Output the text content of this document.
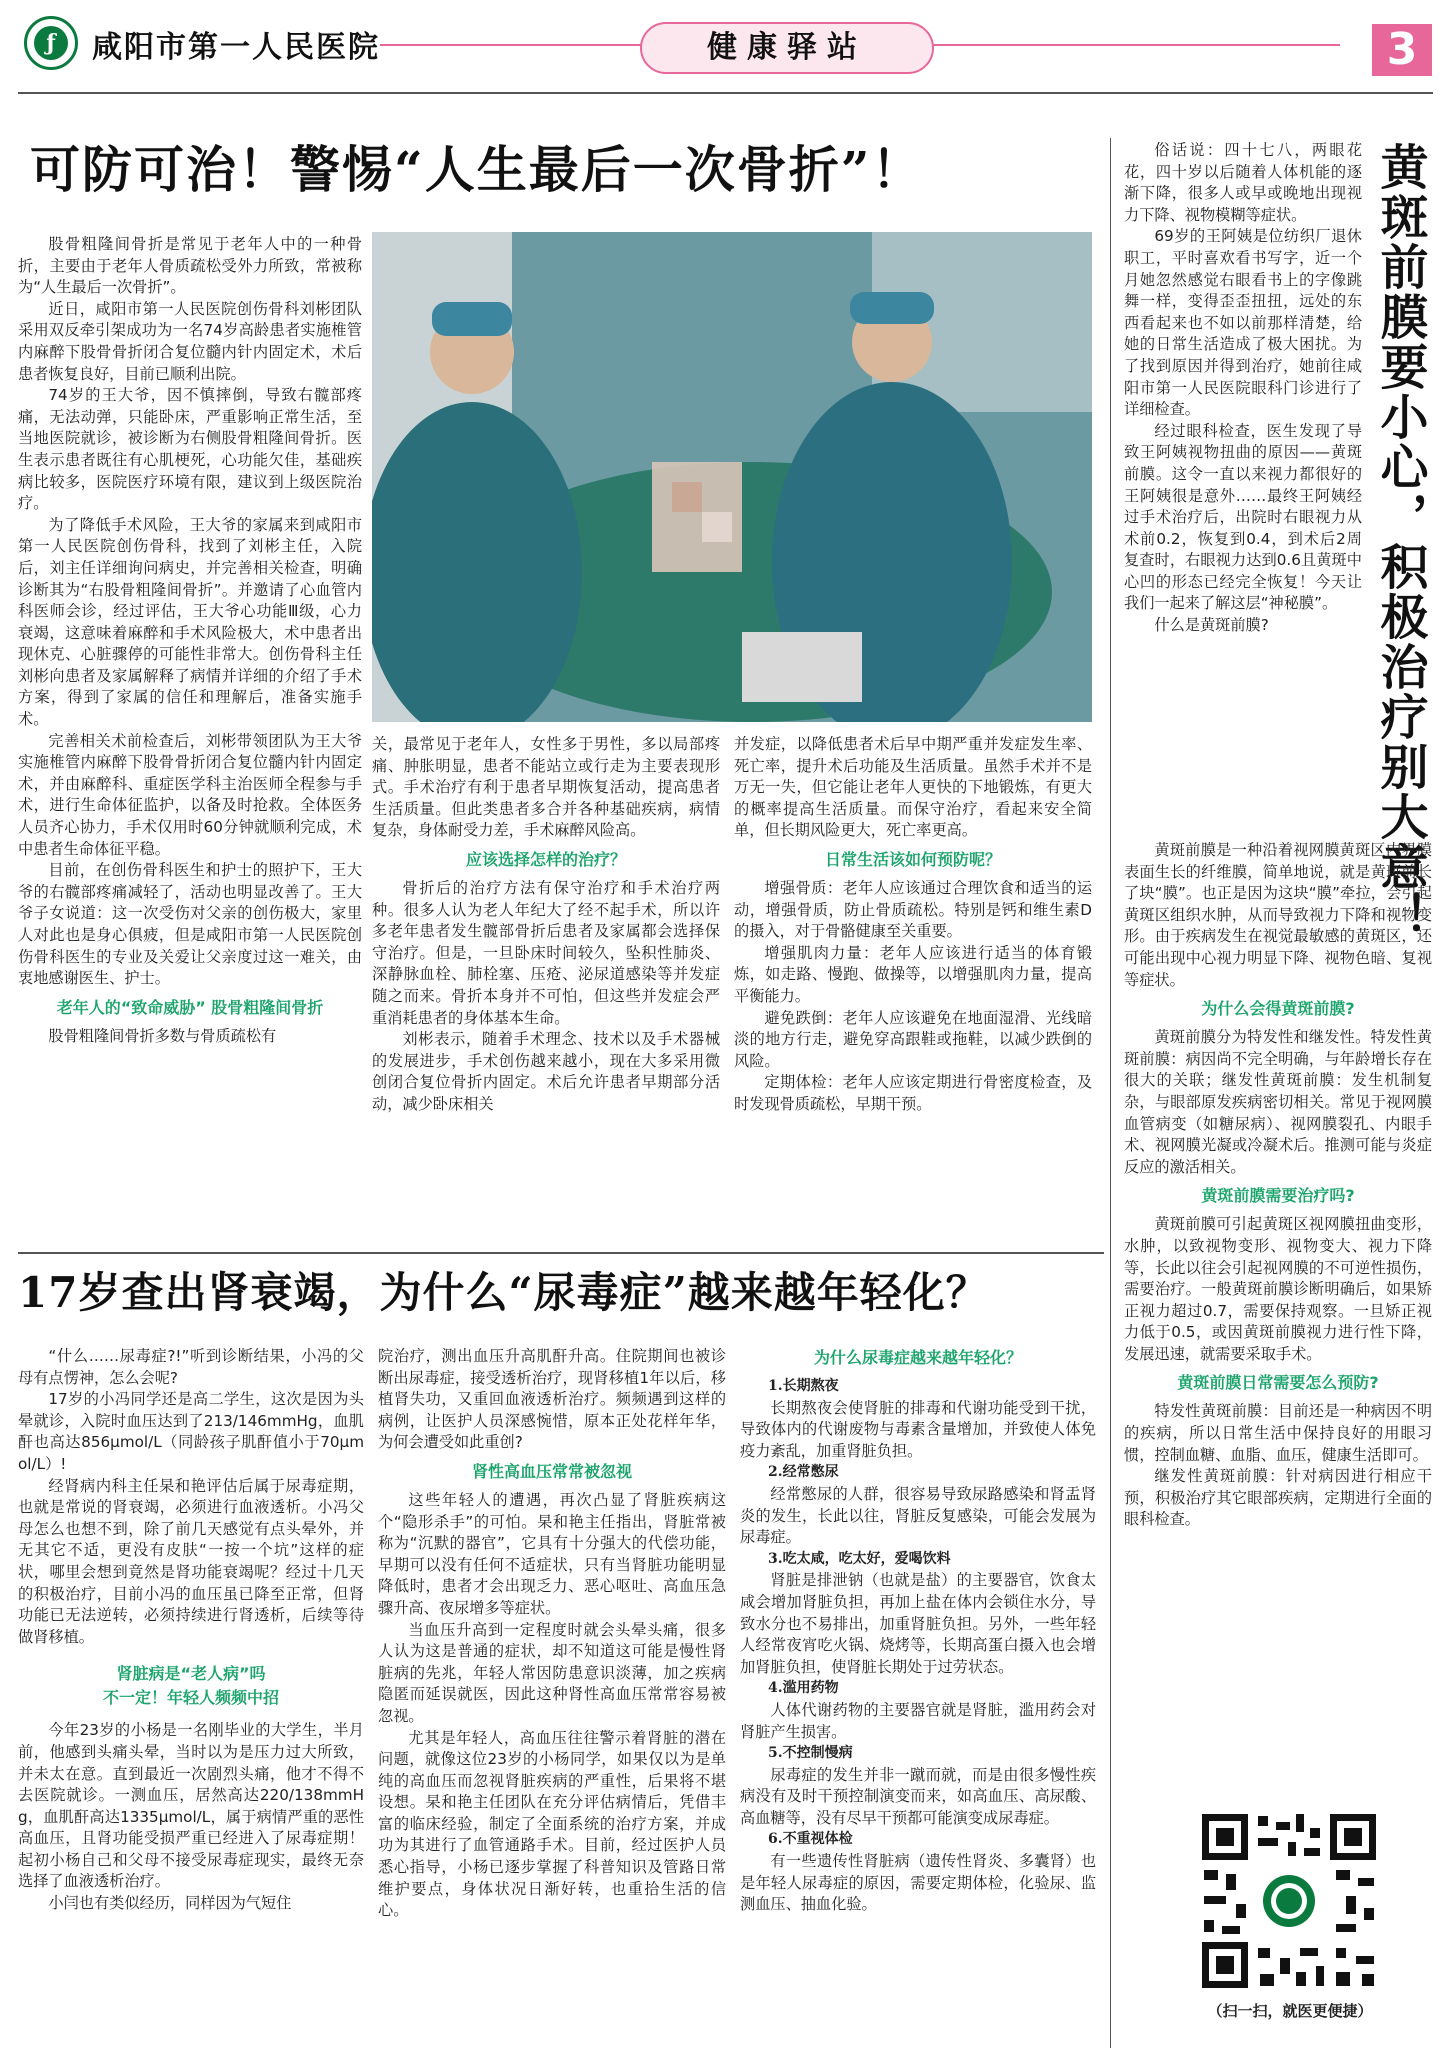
ƒ	咸阳市第一人民医院	健康驿站	3
可防可治！警惕“人生最后一次骨折”！

股骨粗隆间骨折是常见于老年人中的一种骨折，主要由于老年人骨质疏松受外力所致，常被称为“人生最后一次骨折”。

近日，咸阳市第一人民医院创伤骨科刘彬团队采用双反牵引架成功为一名74岁高龄患者实施椎管内麻醉下股骨骨折闭合复位髓内针内固定术，术后患者恢复良好，目前已顺利出院。

74岁的王大爷，因不慎摔倒，导致右髋部疼痛，无法动弹，只能卧床，严重影响正常生活，至当地医院就诊，被诊断为右侧股骨粗隆间骨折。医生表示患者既往有心肌梗死，心功能欠佳，基础疾病比较多，医院医疗环境有限，建议到上级医院治疗。

为了降低手术风险，王大爷的家属来到咸阳市第一人民医院创伤骨科，找到了刘彬主任，入院后，刘主任详细询问病史，并完善相关检查，明确诊断其为“右股骨粗隆间骨折”。并邀请了心血管内科医师会诊，经过评估，王大爷心功能Ⅲ级，心力衰竭，这意味着麻醉和手术风险极大，术中患者出现休克、心脏骤停的可能性非常大。创伤骨科主任刘彬向患者及家属解释了病情并详细的介绍了手术方案，得到了家属的信任和理解后，准备实施手术。

完善相关术前检查后，刘彬带领团队为王大爷实施椎管内麻醉下股骨骨折闭合复位髓内针内固定术，并由麻醉科、重症医学科主治医师全程参与手术，进行生命体征监护，以备及时抢救。全体医务人员齐心协力，手术仅用时60分钟就顺利完成，术中患者生命体征平稳。

目前，在创伤骨科医生和护士的照护下，王大爷的右髋部疼痛减轻了，活动也明显改善了。王大爷子女说道：这一次受伤对父亲的创伤极大，家里人对此也是身心俱疲，但是咸阳市第一人民医院创伤骨科医生的专业及关爱让父亲度过这一难关，由衷地感谢医生、护士。

老年人的“致命威胁” 股骨粗隆间骨折

股骨粗隆间骨折多数与骨质疏松有

关，最常见于老年人，女性多于男性，多以局部疼痛、肿胀明显，患者不能站立或行走为主要表现形式。手术治疗有利于患者早期恢复活动，提高患者生活质量。但此类患者多合并各种基础疾病，病情复杂，身体耐受力差，手术麻醉风险高。

应该选择怎样的治疗？

骨折后的治疗方法有保守治疗和手术治疗两种。很多人认为老人年纪大了经不起手术，所以许多老年患者发生髋部骨折后患者及家属都会选择保守治疗。但是，一旦卧床时间较久，坠积性肺炎、深静脉血栓、肺栓塞、压疮、泌尿道感染等并发症随之而来。骨折本身并不可怕，但这些并发症会严重消耗患者的身体基本生命。

刘彬表示，随着手术理念、技术以及手术器械的发展进步，手术创伤越来越小，现在大多采用微创闭合复位骨折内固定。术后允许患者早期部分活动，减少卧床相关

并发症，以降低患者术后早中期严重并发症发生率、死亡率，提升术后功能及生活质量。虽然手术并不是万无一失，但它能让老年人更快的下地锻炼，有更大的概率提高生活质量。而保守治疗，看起来安全简单，但长期风险更大，死亡率更高。

日常生活该如何预防呢？

增强骨质：老年人应该通过合理饮食和适当的运动，增强骨质，防止骨质疏松。特别是钙和维生素D的摄入，对于骨骼健康至关重要。

增强肌肉力量：老年人应该进行适当的体育锻炼，如走路、慢跑、做操等，以增强肌肉力量，提高平衡能力。

避免跌倒：老年人应该避免在地面湿滑、光线暗淡的地方行走，避免穿高跟鞋或拖鞋，以减少跌倒的风险。

定期体检：老年人应该定期进行骨密度检查，及时发现骨质疏松，早期干预。

17岁查出肾衰竭，为什么“尿毒症”越来越年轻化？

“什么……尿毒症?!”听到诊断结果，小冯的父母有点愣神，怎么会呢?

17岁的小冯同学还是高二学生，这次是因为头晕就诊，入院时血压达到了213/146mmHg，血肌酐也高达856μmol/L（同龄孩子肌酐值小于70μmol/L）!

经肾病内科主任杲和艳评估后属于尿毒症期，也就是常说的肾衰竭，必须进行血液透析。小冯父母怎么也想不到，除了前几天感觉有点头晕外，并无其它不适，更没有皮肤“一按一个坑”这样的症状，哪里会想到竟然是肾功能衰竭呢？经过十几天的积极治疗，目前小冯的血压虽已降至正常，但肾功能已无法逆转，必须持续进行肾透析，后续等待做肾移植。

肾脏病是“老人病”吗
不一定！年轻人频频中招

今年23岁的小杨是一名刚毕业的大学生，半月前，他感到头痛头晕，当时以为是压力过大所致，并未太在意。直到最近一次剧烈头痛，他才不得不去医院就诊。一测血压，居然高达220/138mmHg，血肌酐高达1335μmol/L，属于病情严重的恶性高血压，且肾功能受损严重已经进入了尿毒症期！起初小杨自己和父母不接受尿毒症现实，最终无奈选择了血液透析治疗。

小闫也有类似经历，同样因为气短住

院治疗，测出血压升高肌酐升高。住院期间也被诊断出尿毒症，接受透析治疗，现肾移植1年以后，移植肾失功，又重回血液透析治疗。频频遇到这样的病例，让医护人员深感惋惜，原本正处花样年华，为何会遭受如此重创?

肾性高血压常常被忽视

这些年轻人的遭遇，再次凸显了肾脏疾病这个“隐形杀手”的可怕。杲和艳主任指出，肾脏常被称为“沉默的器官”，它具有十分强大的代偿功能，早期可以没有任何不适症状，只有当肾脏功能明显降低时，患者才会出现乏力、恶心呕吐、高血压急骤升高、夜尿增多等症状。

当血压升高到一定程度时就会头晕头痛，很多人认为这是普通的症状，却不知道这可能是慢性肾脏病的先兆，年轻人常因防患意识淡薄，加之疾病隐匿而延误就医，因此这种肾性高血压常常容易被忽视。

尤其是年轻人，高血压往往警示着肾脏的潜在问题，就像这位23岁的小杨同学，如果仅以为是单纯的高血压而忽视肾脏疾病的严重性，后果将不堪设想。杲和艳主任团队在充分评估病情后，凭借丰富的临床经验，制定了全面系统的治疗方案，并成功为其进行了血管通路手术。目前，经过医护人员悉心指导，小杨已逐步掌握了科普知识及管路日常维护要点，身体状况日渐好转，也重拾生活的信心。

为什么尿毒症越来越年轻化？

1.长期熬夜

长期熬夜会使肾脏的排毒和代谢功能受到干扰，导致体内的代谢废物与毒素含量增加，并致使人体免疫力紊乱，加重肾脏负担。

2.经常憋尿

经常憋尿的人群，很容易导致尿路感染和肾盂肾炎的发生，长此以往，肾脏反复感染，可能会发展为尿毒症。

3.吃太咸，吃太好，爱喝饮料

肾脏是排泄钠（也就是盐）的主要器官，饮食太咸会增加肾脏负担，再加上盐在体内会锁住水分，导致水分也不易排出，加重肾脏负担。另外，一些年轻人经常夜宵吃火锅、烧烤等，长期高蛋白摄入也会增加肾脏负担，使肾脏长期处于过劳状态。

4.滥用药物

人体代谢药物的主要器官就是肾脏，滥用药会对肾脏产生损害。

5.不控制慢病

尿毒症的发生并非一蹴而就，而是由很多慢性疾病没有及时干预控制演变而来，如高血压、高尿酸、高血糖等，没有尽早干预都可能演变成尿毒症。

6.不重视体检

有一些遗传性肾脏病（遗传性肾炎、多囊肾）也是年轻人尿毒症的原因，需要定期体检，化验尿、监测血压、抽血化验。

黄斑前膜要小心，积极治疗别大意！

俗话说：四十七八，两眼花花，四十岁以后随着人体机能的逐渐下降，很多人或早或晚地出现视力下降、视物模糊等症状。

69岁的王阿姨是位纺织厂退休职工，平时喜欢看书写字，近一个月她忽然感觉右眼看书上的字像跳舞一样，变得歪歪扭扭，远处的东西看起来也不如以前那样清楚，给她的日常生活造成了极大困扰。为了找到原因并得到治疗，她前往咸阳市第一人民医院眼科门诊进行了详细检查。

经过眼科检查，医生发现了导致王阿姨视物扭曲的原因——黄斑前膜。这令一直以来视力都很好的王阿姨很是意外……最终王阿姨经过手术治疗后，出院时右眼视力从术前0.2，恢复到0.4，到术后2周复查时，右眼视力达到0.6且黄斑中心凹的形态已经完全恢复！今天让我们一起来了解这层“神秘膜”。

什么是黄斑前膜?

黄斑前膜是一种沿着视网膜黄斑区内界膜表面生长的纤维膜，简单地说，就是黄斑前长了块“膜”。也正是因为这块“膜”牵拉，会引起黄斑区组织水肿，从而导致视力下降和视物变形。由于疾病发生在视觉最敏感的黄斑区，还可能出现中心视力明显下降、视物色暗、复视等症状。

为什么会得黄斑前膜?

黄斑前膜分为特发性和继发性。特发性黄斑前膜：病因尚不完全明确，与年龄增长存在很大的关联；继发性黄斑前膜：发生机制复杂，与眼部原发疾病密切相关。常见于视网膜血管病变（如糖尿病）、视网膜裂孔、内眼手术、视网膜光凝或冷凝术后。推测可能与炎症反应的激活相关。

黄斑前膜需要治疗吗?

黄斑前膜可引起黄斑区视网膜扭曲变形，水肿，以致视物变形、视物变大、视力下降等，长此以往会引起视网膜的不可逆性损伤，需要治疗。一般黄斑前膜诊断明确后，如果矫正视力超过0.7，需要保持观察。一旦矫正视力低于0.5，或因黄斑前膜视力进行性下降，发展迅速，就需要采取手术。

黄斑前膜日常需要怎么预防?

特发性黄斑前膜：目前还是一种病因不明的疾病，所以日常生活中保持良好的用眼习惯，控制血糖、血脂、血压，健康生活即可。

继发性黄斑前膜：针对病因进行相应干预，积极治疗其它眼部疾病，定期进行全面的眼科检查。

（扫一扫，就医更便捷）
